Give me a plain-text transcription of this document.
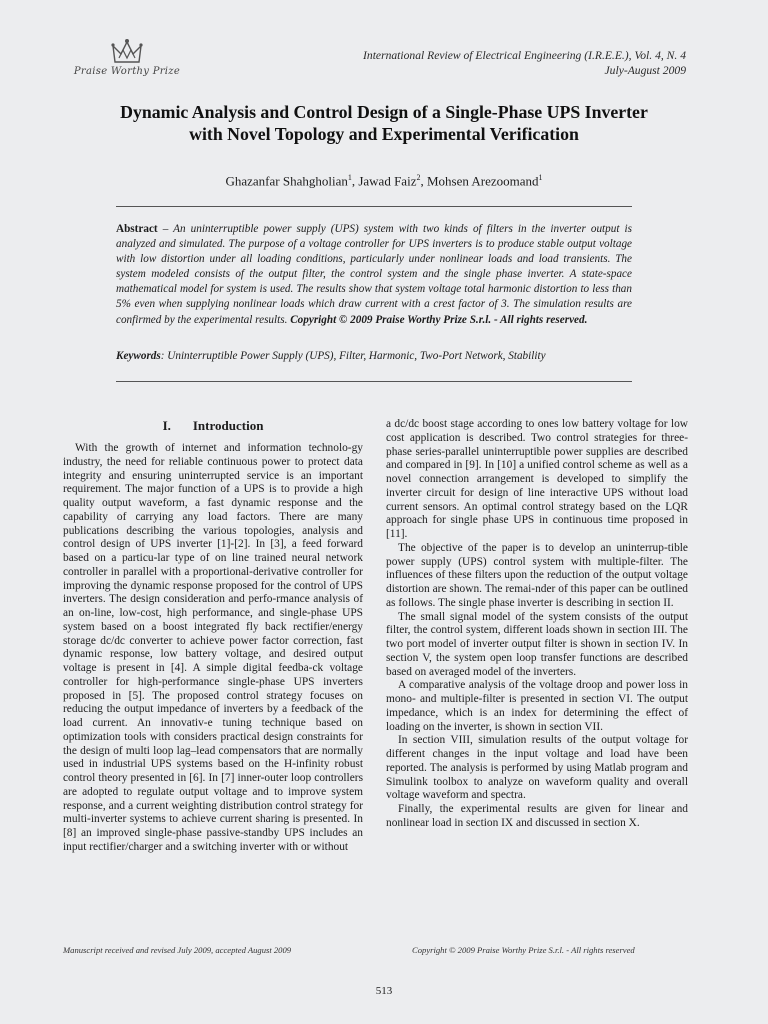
Praise Worthy Prize
International Review of Electrical Engineering (I.R.E.E.), Vol. 4, N. 4
July-August 2009
Dynamic Analysis and Control Design of a Single-Phase UPS Inverter
with Novel Topology and Experimental Verification
Ghazanfar Shahgholian$^1$, Jawad Faiz$^2$, Mohsen Arezoomand$^1$
Abstract – An uninterruptible power supply (UPS) system with two kinds of filters in the inverter output is analyzed and simulated. The purpose of a voltage controller for UPS inverters is to produce stable output voltage with low distortion under all loading conditions, particularly under nonlinear loads and load transients. The system modeled consists of the output filter, the control system and the single phase inverter. A state-space mathematical model for system is used. The results show that system voltage total harmonic distortion to less than 5% even when supplying nonlinear loads which draw current with a crest factor of 3. The simulation results are confirmed by the experimental results. Copyright © 2009 Praise Worthy Prize S.r.l. - All rights reserved.
Keywords: Uninterruptible Power Supply (UPS), Filter, Harmonic, Two-Port Network, Stability
I. Introduction

With the growth of internet and information technolo-gy industry, the need for reliable continuous power to protect data integrity and ensuring uninterrupted service is an important requirement. The major function of a UPS is to provide a high quality output waveform, a fast dynamic response and the capability of carrying any load factors. There are many publications describing the various topologies, analysis and control design of UPS inverter [1]-[2]. In [3], a feed forward based on a particu-lar type of on line trained neural network controller in parallel with a proportional-derivative controller for improving the dynamic response proposed for the control of UPS inverters. The design consideration and perfo-rmance analysis of an on-line, low-cost, high performance, and single-phase UPS system based on a boost integrated fly back rectifier/energy storage dc/dc converter to achieve power factor correction, fast dynamic response, low battery voltage, and desired output voltage is present in [4]. A simple digital feedba-ck voltage controller for high-performance single-phase UPS inverters proposed in [5]. The proposed control strategy focuses on reducing the output impedance of inverters by a feedback of the load current. An innovativ-e tuning technique based on optimization tools with considers practical design constraints for the design of multi loop lag–lead compensators that are normally used in industrial UPS systems based on the H-infinity robust control theory presented in [6]. In [7] inner-outer loop controllers are adopted to regulate output voltage and to improve system response, and a current weighting distribution control strategy for multi-inverter systems to achieve current sharing is presented. In [8] an improved single-phase passive-standby UPS includes an input rectifier/charger and a switching inverter with or without

a dc/dc boost stage according to ones low battery voltage for low cost application is described. Two control strategies for three-phase series-parallel uninterruptible power supplies are described and compared in [9]. In [10] a unified control scheme as well as a novel connection arrangement is developed to simplify the inverter circuit for design of line interactive UPS without load current sensors. An optimal control strategy based on the LQR approach for single phase UPS in continuous time proposed in [11].

The objective of the paper is to develop an uninterrup-tible power supply (UPS) control system with multiple-filter. The influences of these filters upon the reduction of the output voltage distortion are shown. The remai-nder of this paper can be outlined as follows. The single phase inverter is describing in section II.

The small signal model of the system consists of the output filter, the control system, different loads shown in section III. The two port model of inverter output filter is shown in section IV. In section V, the system open loop transfer functions are described based on averaged model of the inverters.

A comparative analysis of the voltage droop and power loss in mono- and multiple-filter is presented in section VI. The output impedance, which is an index for determining the effect of loading on the inverter, is shown in section VII.

In section VIII, simulation results of the output voltage for different changes in the input voltage and load have been reported. The analysis is performed by using Matlab program and Simulink toolbox to analyze on waveform quality and overall voltage waveform and spectra.

Finally, the experimental results are given for linear and nonlinear load in section IX and discussed in section X.

Manuscript received and revised July 2009, accepted August 2009	Copyright © 2009 Praise Worthy Prize S.r.l. - All rights reserved
513
